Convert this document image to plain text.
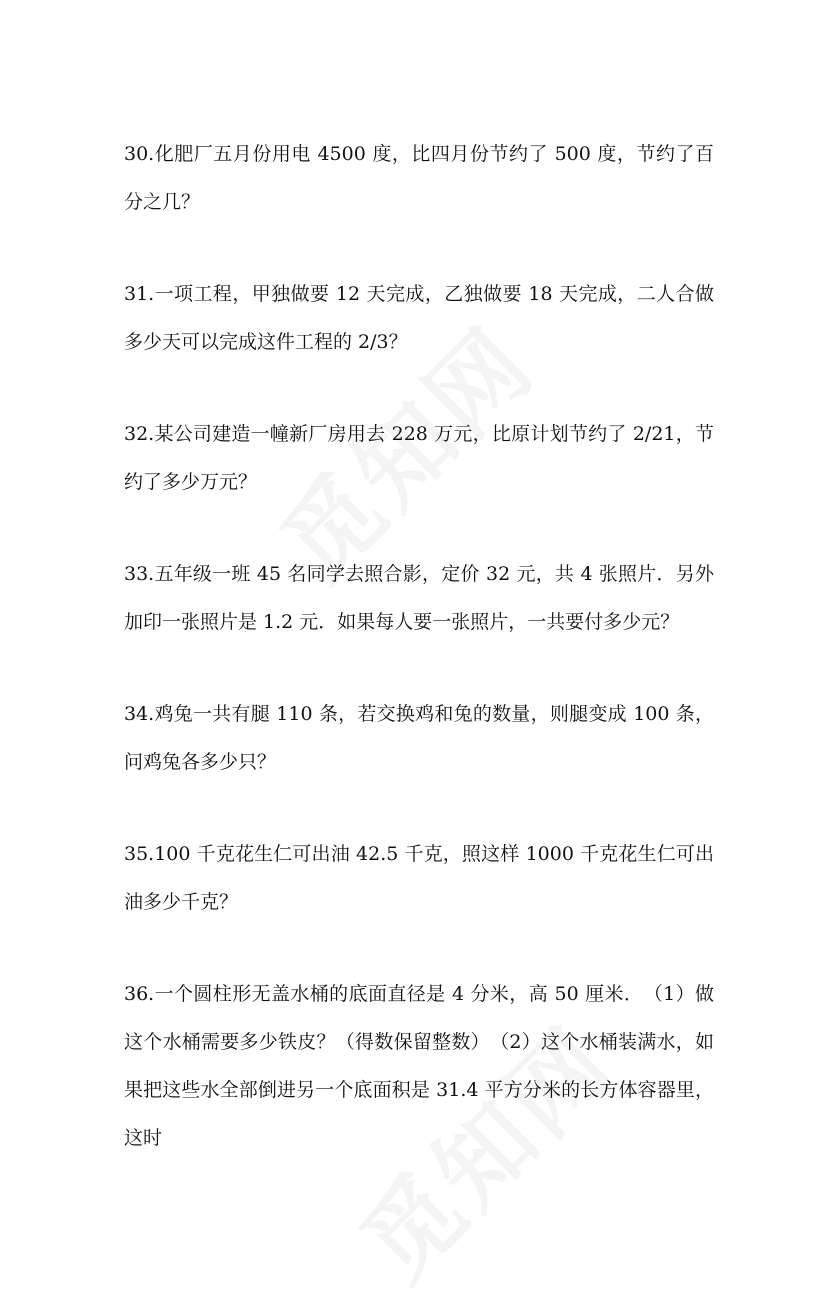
30.化肥厂五月份用电 4500 度，比四月份节约了 500 度，节约了百分之几？

31.一项工程，甲独做要 12 天完成，乙独做要 18 天完成，二人合做多少天可以完成这件工程的 2/3？

32.某公司建造一幢新厂房用去 228 万元，比原计划节约了 2/21，节约了多少万元？

33.五年级一班 45 名同学去照合影，定价 32 元，共 4 张照片．另外加印一张照片是 1.2 元．如果每人要一张照片，一共要付多少元？

34.鸡兔一共有腿 110 条，若交换鸡和兔的数量，则腿变成 100 条，问鸡兔各多少只？

35.100 千克花生仁可出油 42.5 千克，照这样 1000 千克花生仁可出油多少千克？

36.一个圆柱形无盖水桶的底面直径是 4 分米，高 50 厘米．　（1）做这个水桶需要多少铁皮？（得数保留整数）　（2）这个水桶装满水，如果把这些水全部倒进另一个底面积是 31.4 平方分米的长方体容器里，这时
